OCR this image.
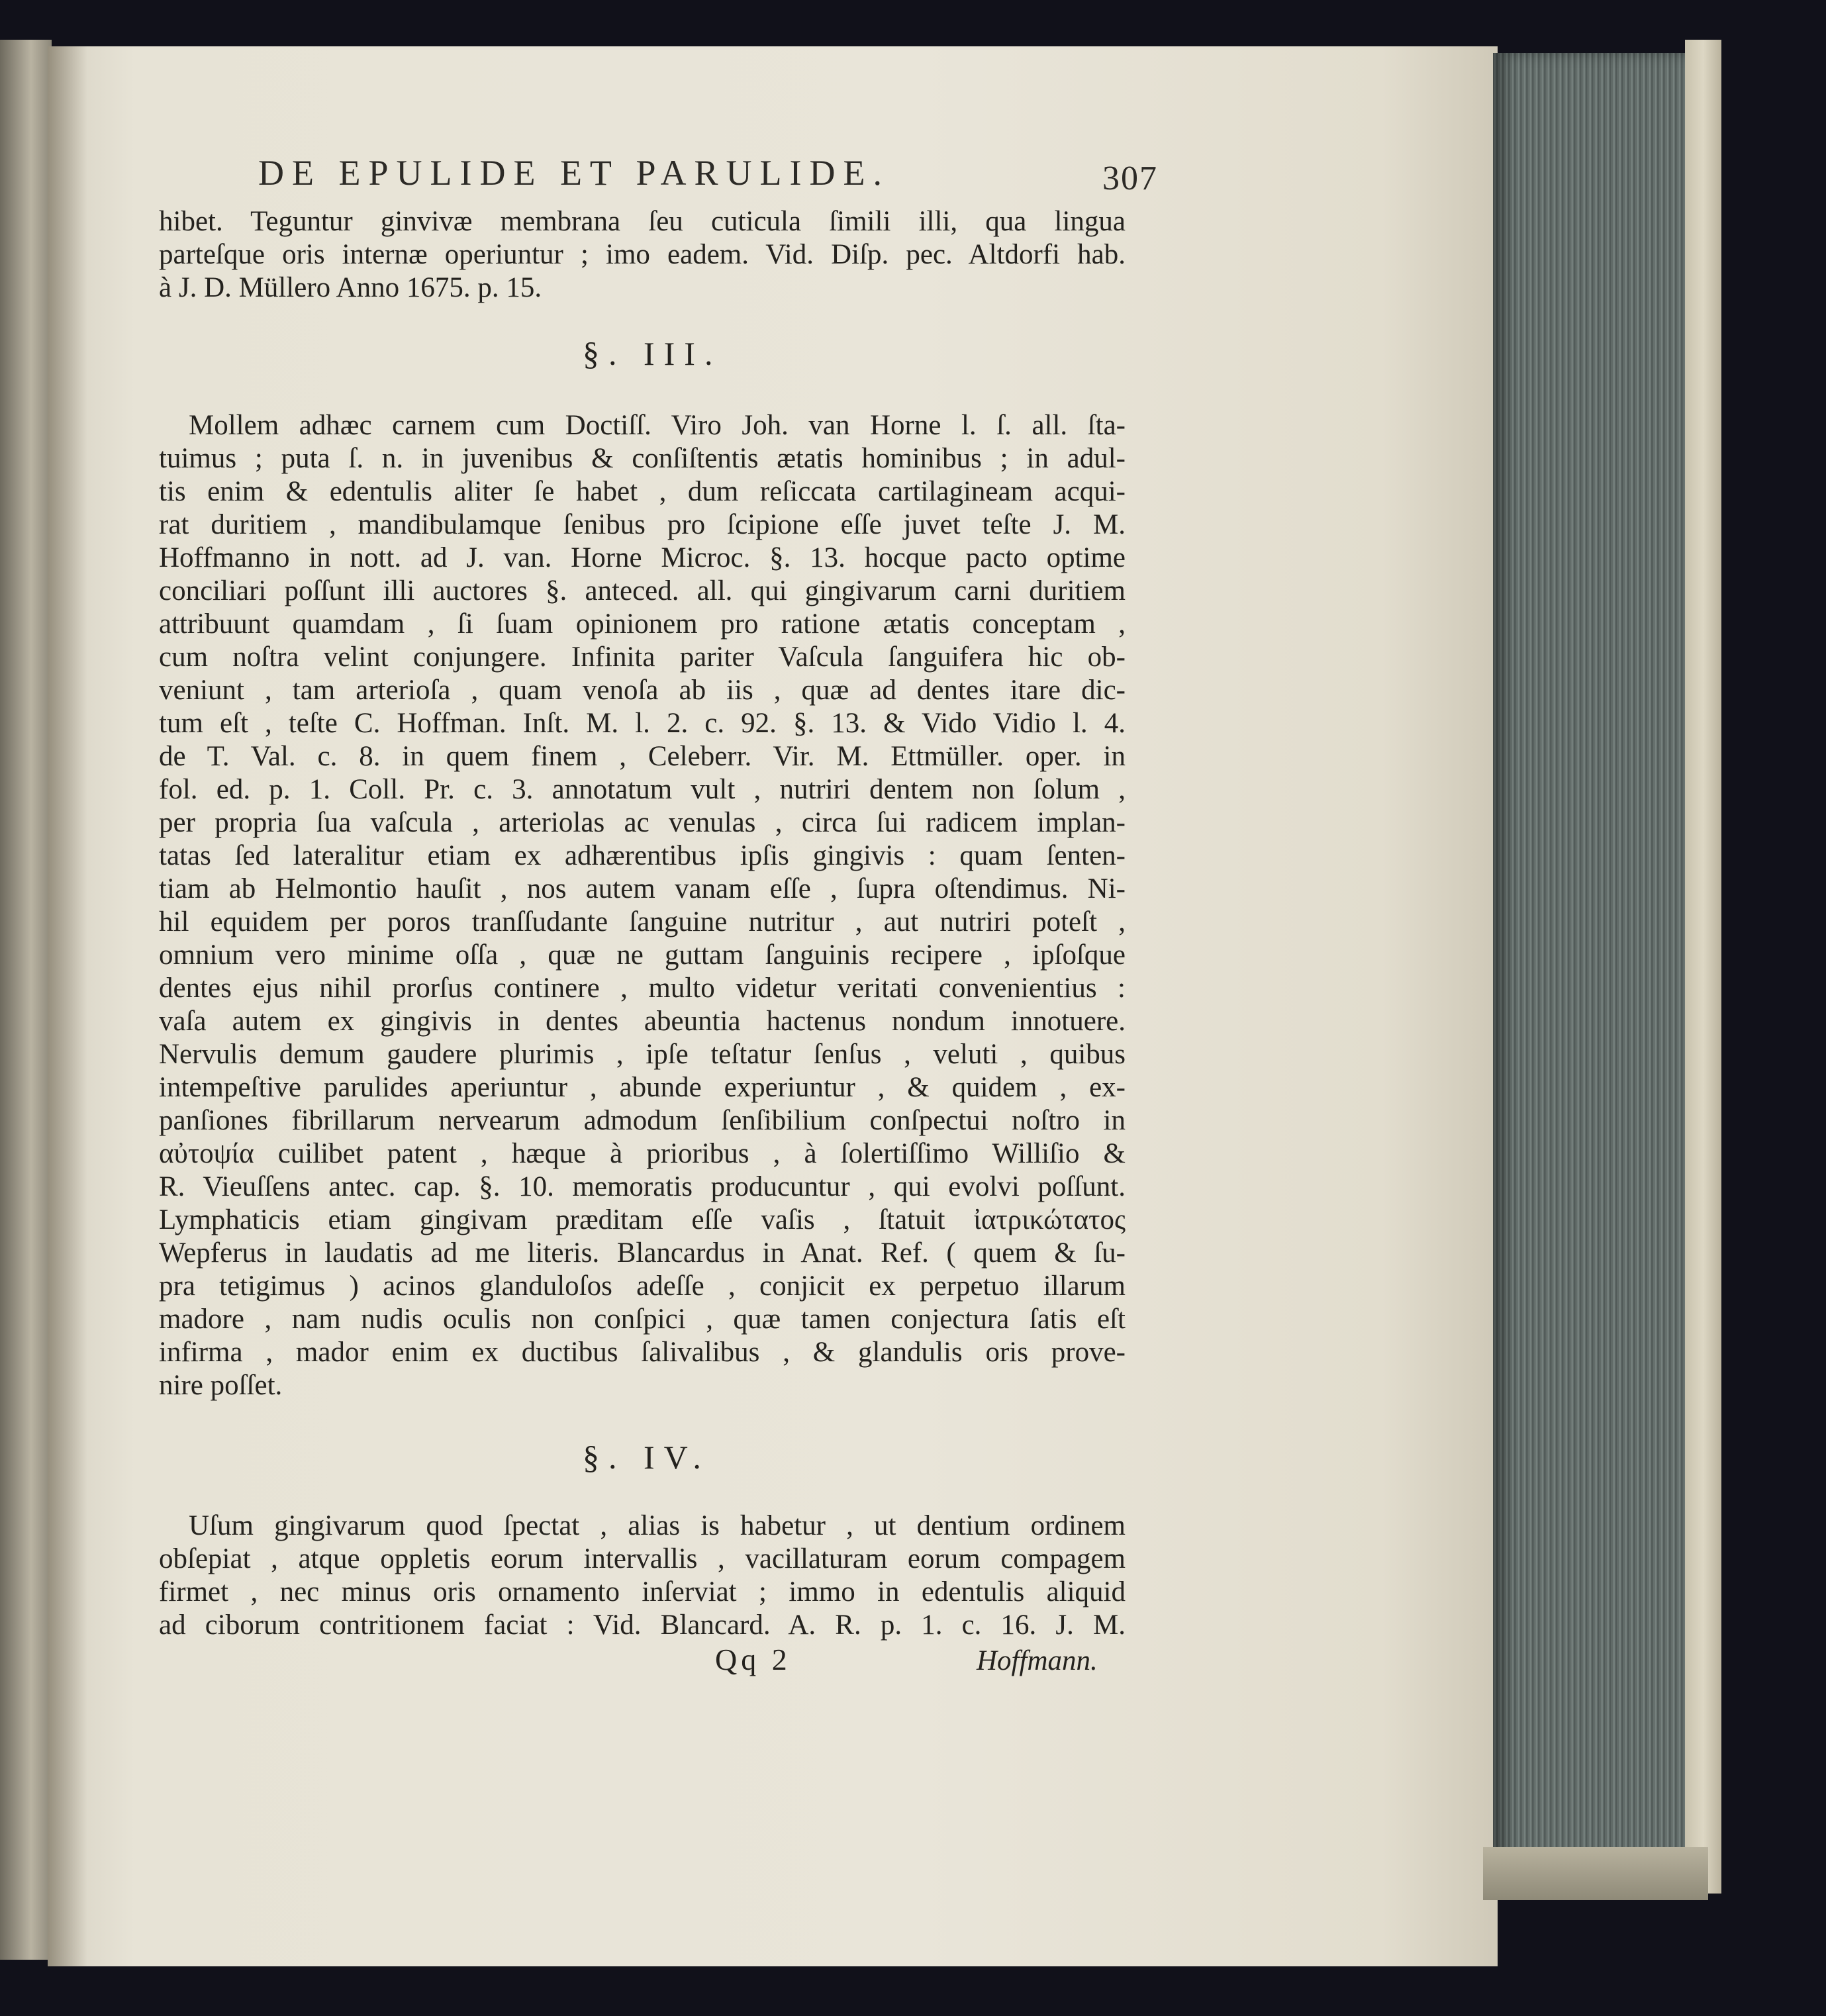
DE EPULIDE ET PARULIDE.	307
hibet. Teguntur ginvivæ membrana ſeu cuticula ſimili illi, qua lingua
parteſque oris internæ operiuntur ; imo eadem. Vid. Diſp. pec. Altdorfi hab.
à J. D. Müllero Anno 1675. p. 15.
§. III.
Mollem adhæc carnem cum Doctiſſ. Viro Joh. van Horne l. ſ. all. ſta-
tuimus ; puta ſ. n. in juvenibus & conſiſtentis ætatis hominibus ; in adul-
tis enim & edentulis aliter ſe habet , dum reſiccata cartilagineam acqui-
rat duritiem , mandibulamque ſenibus pro ſcipione eſſe juvet teſte J. M.
Hoffmanno in nott. ad J. van. Horne Microc. §. 13. hocque pacto optime
conciliari poſſunt illi auctores §. anteced. all. qui gingivarum carni duritiem
attribuunt quamdam , ſi ſuam opinionem pro ratione ætatis conceptam ,
cum noſtra velint conjungere. Infinita pariter Vaſcula ſanguifera hic ob-
veniunt , tam arterioſa , quam venoſa ab iis , quæ ad dentes itare dic-
tum eſt , teſte C. Hoffman. Inſt. M. l. 2. c. 92. §. 13. & Vido Vidio l. 4.
de T. Val. c. 8. in quem finem , Celeberr. Vir. M. Ettmüller. oper. in
fol. ed. p. 1. Coll. Pr. c. 3. annotatum vult , nutriri dentem non ſolum ,
per propria ſua vaſcula , arteriolas ac venulas , circa ſui radicem implan-
tatas ſed lateralitur etiam ex adhærentibus ipſis gingivis : quam ſenten-
tiam ab Helmontio hauſit , nos autem vanam eſſe , ſupra oſtendimus. Ni-
hil equidem per poros tranſſudante ſanguine nutritur , aut nutriri poteſt ,
omnium vero minime oſſa , quæ ne guttam ſanguinis recipere , ipſoſque
dentes ejus nihil prorſus continere , multo videtur veritati convenientius :
vaſa autem ex gingivis in dentes abeuntia hactenus nondum innotuere.
Nervulis demum gaudere plurimis , ipſe teſtatur ſenſus , veluti , quibus
intempeſtive parulides aperiuntur , abunde experiuntur , & quidem , ex-
panſiones fibrillarum nervearum admodum ſenſibilium conſpectui noſtro in
αὐτοψία cuilibet patent , hæque à prioribus , à ſolertiſſimo Williſio &
R. Vieuſſens antec. cap. §. 10. memoratis producuntur , qui evolvi poſſunt.
Lymphaticis etiam gingivam præditam eſſe vaſis , ſtatuit ἰατρικώτατος
Wepferus in laudatis ad me literis. Blancardus in Anat. Ref. ( quem & ſu-
pra tetigimus ) acinos glanduloſos adeſſe , conjicit ex perpetuo illarum
madore , nam nudis oculis non conſpici , quæ tamen conjectura ſatis eſt
infirma , mador enim ex ductibus ſalivalibus , & glandulis oris prove-
nire poſſet.
§. IV.
Uſum gingivarum quod ſpectat , alias is habetur , ut dentium ordinem
obſepiat , atque oppletis eorum intervallis , vacillaturam eorum compagem
firmet , nec minus oris ornamento inſerviat ; immo in edentulis aliquid
ad ciborum contritionem faciat : Vid. Blancard. A. R. p. 1. c. 16. J. M.
Qq 2	Hoffmann.
